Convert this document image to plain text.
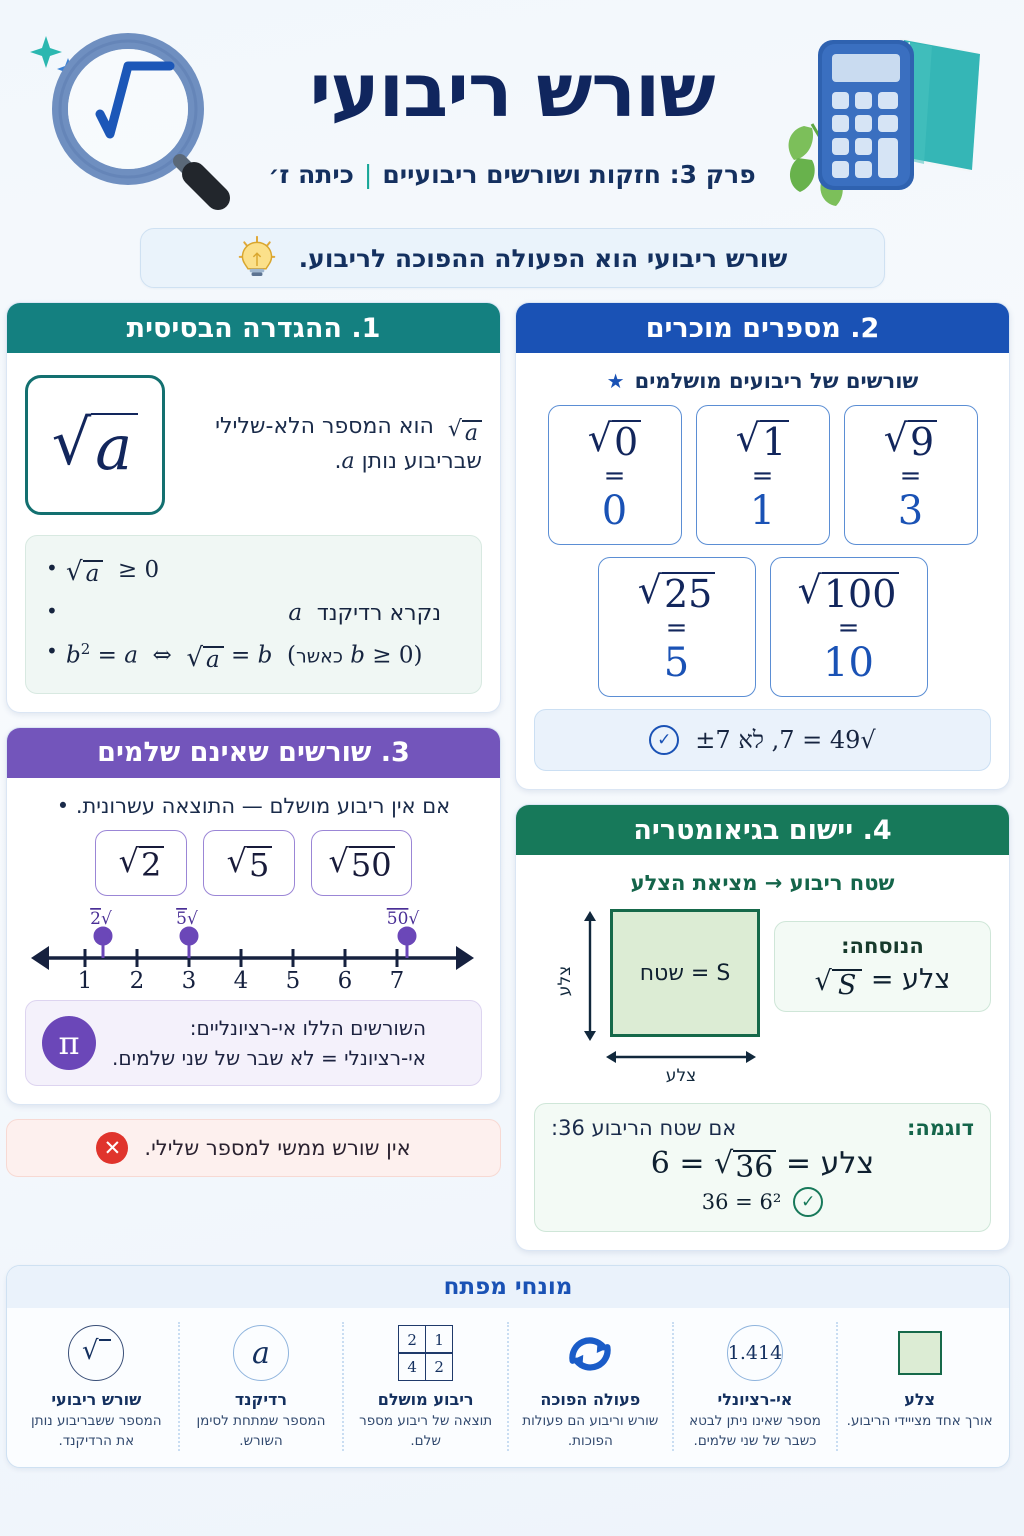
שורש ריבועי
פרק 3: חזקות ושורשים ריבועיים|כיתה ז׳
שורש ריבועי הוא הפעולה ההפוכה לריבוע.
2. מספרים מוכרים
שורשים של ריבועים מושלמים
★
√ 9
=
3
√ 1
=
1
√ 0
=
0
√ 100
=
10
√ 25
=
5
√49 = 7, לא ±7
✓
4. יישום בגיאומטריה
שטח ריבוע → מציאת הצלע
S = שטח
צלע
צלע
הנוסחה:
צלע =
√ S
אם שטח הריבוע 36:	דוגמה:
צלע =
√ 36
= 6
✓
6² = 36
1. ההגדרה הבסיסית
√ a	√ a
הוא המספר הלא-שלילי שבריבוע נותן a.
• √ a ≥ 0
• נקרא רדיקנד  a
• $b^2 = a$  ⇔ √ a = b  (כאשר b ≥ 0)
3. שורשים שאינם שלמים
אם אין ריבוע מושלם — התוצאה עשרונית. •
√ 50
√ 5
√ 2
1 2 3 4 5 6 7
√2	√5	√50
π	השורשים הללו אי-רציונליים:
אי-רציונלי = לא שבר של שני שלמים.
אין שורש ממשי למספר שלילי.
✕
מונחי מפתח
צלע
אורך אחד מצייידי הריבוע.
1.414
אי-רציונלי
מספר שאינו ניתן לבטא כשבר של שני שלמים.
פעולה הפוכה
שורש וריבוע הם פעולות הפוכות.
1
2
2
4
ריבוע מושלם
תוצאה של ריבוע מספר שלם.
a
רדיקנד
המספר שמתחת לסימן השורש.
√

שורש ריבועי
המספר ששבריבוע נותן את הרדיקנד.
